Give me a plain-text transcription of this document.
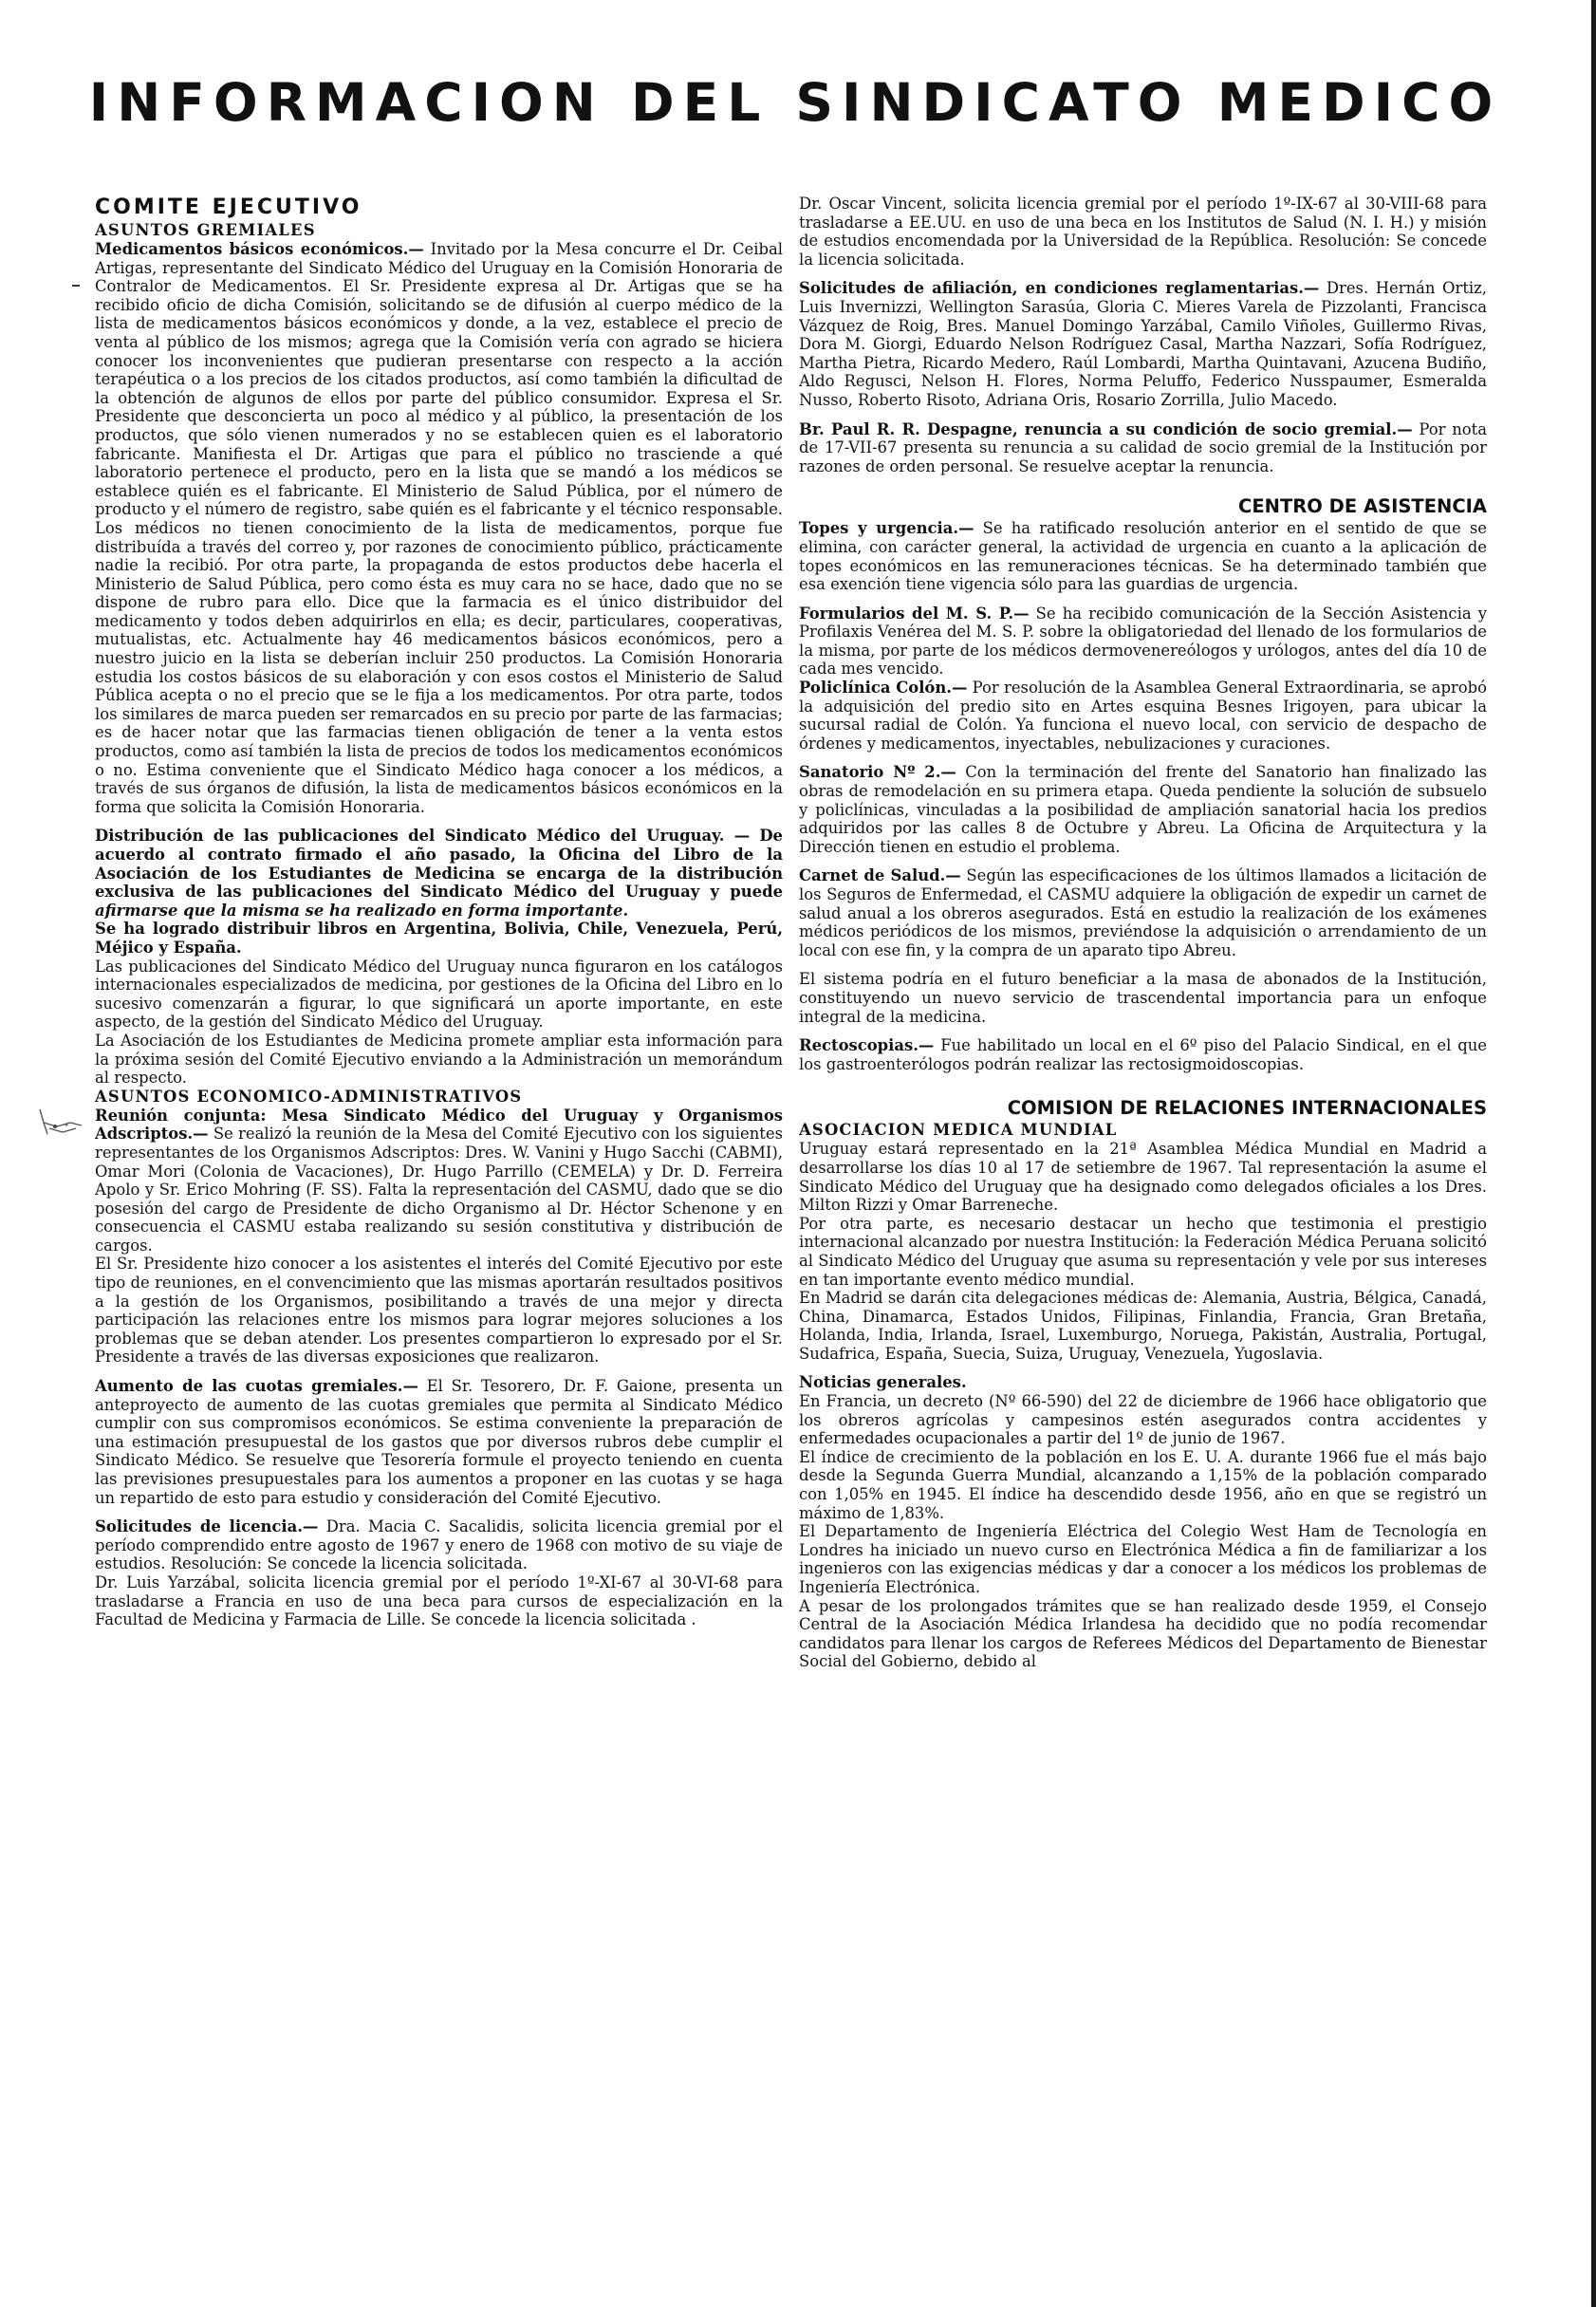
INFORMACION DEL SINDICATO MEDICO
COMITE EJECUTIVO
ASUNTOS GREMIALES

Medicamentos básicos económicos.— Invitado por la Mesa concurre el Dr. Ceibal Artigas, representante del Sindicato Médico del Uruguay en la Comisión Honoraria de Contralor de Medicamentos. El Sr. Presidente expresa al Dr. Artigas que se ha recibido oficio de dicha Comisión, solicitando se de difusión al cuerpo médico de la lista de medicamentos básicos económicos y donde, a la vez, establece el precio de venta al público de los mismos; agrega que la Comisión vería con agrado se hiciera conocer los inconvenientes que pudieran presentarse con respecto a la acción terapéutica o a los precios de los citados productos, así como también la dificultad de la obtención de algunos de ellos por parte del público consumidor. Expresa el Sr. Presidente que desconcierta un poco al médico y al público, la presentación de los productos, que sólo vienen numerados y no se establecen quien es el laboratorio fabricante. Manifiesta el Dr. Artigas que para el público no trasciende a qué laboratorio pertenece el producto, pero en la lista que se mandó a los médicos se establece quién es el fabricante. El Ministerio de Salud Pública, por el número de producto y el número de registro, sabe quién es el fabricante y el técnico responsable. Los médicos no tienen conocimiento de la lista de medicamentos, porque fue distribuída a través del correo y, por razones de conocimiento público, prácticamente nadie la recibió. Por otra parte, la propaganda de estos productos debe hacerla el Ministerio de Salud Pública, pero como ésta es muy cara no se hace, dado que no se dispone de rubro para ello. Dice que la farmacia es el único distribuidor del medicamento y todos deben adquirirlos en ella; es decir, particulares, cooperativas, mutualistas, etc. Actualmente hay 46 medicamentos básicos económicos, pero a nuestro juicio en la lista se deberían incluir 250 productos. La Comisión Honoraria estudia los costos básicos de su elaboración y con esos costos el Ministerio de Salud Pública acepta o no el precio que se le fija a los medicamentos. Por otra parte, todos los similares de marca pueden ser remarcados en su precio por parte de las farmacias; es de hacer notar que las farmacias tienen obligación de tener a la venta estos productos, como así también la lista de precios de todos los medicamentos económicos o no. Estima conveniente que el Sindicato Médico haga conocer a los médicos, a través de sus órganos de difusión, la lista de medicamentos básicos económicos en la forma que solicita la Comisión Honoraria.

Distribución de las publicaciones del Sindicato Médico del Uruguay. — De acuerdo al contrato firmado el año pasado, la Oficina del Libro de la Asociación de los Estudiantes de Medicina se encarga de la distribución exclusiva de las publicaciones del Sindicato Médico del Uruguay y puede afirmarse que la misma se ha realizado en forma importante.

Se ha logrado distribuir libros en Argentina, Bolivia, Chile, Venezuela, Perú, Méjico y España.

Las publicaciones del Sindicato Médico del Uruguay nunca figuraron en los catálogos internacionales especializados de medicina, por gestiones de la Oficina del Libro en lo sucesivo comenzarán a figurar, lo que significará un aporte importante, en este aspecto, de la gestión del Sindicato Médico del Uruguay.

La Asociación de los Estudiantes de Medicina promete ampliar esta información para la próxima sesión del Comité Ejecutivo enviando a la Administración un memorándum al respecto.

ASUNTOS ECONOMICO-ADMINISTRATIVOS

Reunión conjunta: Mesa Sindicato Médico del Uruguay y Organismos Adscriptos.— Se realizó la reunión de la Mesa del Comité Ejecutivo con los siguientes representantes de los Organismos Adscriptos: Dres. W. Vanini y Hugo Sacchi (CABMI), Omar Mori (Colonia de Vacaciones), Dr. Hugo Parrillo (CEMELA) y Dr. D. Ferreira Apolo y Sr. Erico Mohring (F. SS). Falta la representación del CASMU, dado que se dio posesión del cargo de Presidente de dicho Organismo al Dr. Héctor Schenone y en consecuencia el CASMU estaba realizando su sesión constitutiva y distribución de cargos.

El Sr. Presidente hizo conocer a los asistentes el interés del Comité Ejecutivo por este tipo de reuniones, en el convencimiento que las mismas aportarán resultados positivos a la gestión de los Organismos, posibilitando a través de una mejor y directa participación las relaciones entre los mismos para lograr mejores soluciones a los problemas que se deban atender. Los presentes compartieron lo expresado por el Sr. Presidente a través de las diversas exposiciones que realizaron.

Aumento de las cuotas gremiales.— El Sr. Tesorero, Dr. F. Gaione, presenta un anteproyecto de aumento de las cuotas gremiales que permita al Sindicato Médico cumplir con sus compromisos económicos. Se estima conveniente la preparación de una estimación presupuestal de los gastos que por diversos rubros debe cumplir el Sindicato Médico. Se resuelve que Tesorería formule el proyecto teniendo en cuenta las previsiones presupuestales para los aumentos a proponer en las cuotas y se haga un repartido de esto para estudio y consideración del Comité Ejecutivo.

Solicitudes de licencia.— Dra. Macia C. Sacalidis, solicita licencia gremial por el período comprendido entre agosto de 1967 y enero de 1968 con motivo de su viaje de estudios. Resolución: Se concede la licencia solicitada.

Dr. Luis Yarzábal, solicita licencia gremial por el período 1º-XI-67 al 30-VI-68 para trasladarse a Francia en uso de una beca para cursos de especialización en la Facultad de Medicina y Farmacia de Lille. Se concede la licencia solicitada .

Dr. Oscar Vincent, solicita licencia gremial por el período 1º-IX-67 al 30-VIII-68 para trasladarse a EE.UU. en uso de una beca en los Institutos de Salud (N. I. H.) y misión de estudios encomendada por la Universidad de la República. Resolución: Se concede la licencia solicitada.

Solicitudes de afiliación, en condiciones reglamentarias.— Dres. Hernán Ortiz, Luis Invernizzi, Wellington Sarasúa, Gloria C. Mieres Varela de Pizzolanti, Francisca Vázquez de Roig, Bres. Manuel Domingo Yarzábal, Camilo Viñoles, Guillermo Rivas, Dora M. Giorgi, Eduardo Nelson Rodríguez Casal, Martha Nazzari, Sofía Rodríguez, Martha Pietra, Ricardo Medero, Raúl Lombardi, Martha Quintavani, Azucena Budiño, Aldo Regusci, Nelson H. Flores, Norma Peluffo, Federico Nusspaumer, Esmeralda Nusso, Roberto Risoto, Adriana Oris, Rosario Zorrilla, Julio Macedo.

Br. Paul R. R. Despagne, renuncia a su condición de socio gremial.— Por nota de 17-VII-67 presenta su renuncia a su calidad de socio gremial de la Institución por razones de orden personal. Se resuelve aceptar la renuncia.

CENTRO DE ASISTENCIA

Topes y urgencia.— Se ha ratificado resolución anterior en el sentido de que se elimina, con carácter general, la actividad de urgencia en cuanto a la aplicación de topes económicos en las remuneraciones técnicas. Se ha determinado también que esa exención tiene vigencia sólo para las guardias de urgencia.

Formularios del M. S. P.— Se ha recibido comunicación de la Sección Asistencia y Profilaxis Venérea del M. S. P. sobre la obligatoriedad del llenado de los formularios de la misma, por parte de los médicos dermovenereólogos y urólogos, antes del día 10 de cada mes vencido.

Policlínica Colón.— Por resolución de la Asamblea General Extraordinaria, se aprobó la adquisición del predio sito en Artes esquina Besnes Irigoyen, para ubicar la sucursal radial de Colón. Ya funciona el nuevo local, con servicio de despacho de órdenes y medicamentos, inyectables, nebulizaciones y curaciones.

Sanatorio Nº 2.— Con la terminación del frente del Sanatorio han finalizado las obras de remodelación en su primera etapa. Queda pendiente la solución de subsuelo y policlínicas, vinculadas a la posibilidad de ampliación sanatorial hacia los predios adquiridos por las calles 8 de Octubre y Abreu. La Oficina de Arquitectura y la Dirección tienen en estudio el problema.

Carnet de Salud.— Según las especificaciones de los últimos llamados a licitación de los Seguros de Enfermedad, el CASMU adquiere la obligación de expedir un carnet de salud anual a los obreros asegurados. Está en estudio la realización de los exámenes médicos periódicos de los mismos, previéndose la adquisición o arrendamiento de un local con ese fin, y la compra de un aparato tipo Abreu.

El sistema podría en el futuro beneficiar a la masa de abonados de la Institución, constituyendo un nuevo servicio de trascendental importancia para un enfoque integral de la medicina.

Rectoscopias.— Fue habilitado un local en el 6º piso del Palacio Sindical, en el que los gastroenterólogos podrán realizar las rectosigmoidoscopias.

COMISION DE RELACIONES INTERNACIONALES
ASOCIACION MEDICA MUNDIAL

Uruguay estará representado en la 21ª Asamblea Médica Mundial en Madrid a desarrollarse los días 10 al 17 de setiembre de 1967. Tal representación la asume el Sindicato Médico del Uruguay que ha designado como delegados oficiales a los Dres. Milton Rizzi y Omar Barreneche.

Por otra parte, es necesario destacar un hecho que testimonia el prestigio internacional alcanzado por nuestra Institución: la Federación Médica Peruana solicitó al Sindicato Médico del Uruguay que asuma su representación y vele por sus intereses en tan importante evento médico mundial.

En Madrid se darán cita delegaciones médicas de: Alemania, Austria, Bélgica, Canadá, China, Dinamarca, Estados Unidos, Filipinas, Finlandia, Francia, Gran Bretaña, Holanda, India, Irlanda, Israel, Luxemburgo, Noruega, Pakistán, Australia, Portugal, Sudafrica, España, Suecia, Suiza, Uruguay, Venezuela, Yugoslavia.

Noticias generales.

En Francia, un decreto (Nº 66-590) del 22 de diciembre de 1966 hace obligatorio que los obreros agrícolas y campesinos estén asegurados contra accidentes y enfermedades ocupacionales a partir del 1º de junio de 1967.

El índice de crecimiento de la población en los E. U. A. durante 1966 fue el más bajo desde la Segunda Guerra Mundial, alcanzando a 1,15% de la población comparado con 1,05% en 1945. El índice ha descendido desde 1956, año en que se registró un máximo de 1,83%.

El Departamento de Ingeniería Eléctrica del Colegio West Ham de Tecnología en Londres ha iniciado un nuevo curso en Electrónica Médica a fin de familiarizar a los ingenieros con las exigencias médicas y dar a conocer a los médicos los problemas de Ingeniería Electrónica.

A pesar de los prolongados trámites que se han realizado desde 1959, el Consejo Central de la Asociación Médica Irlandesa ha decidido que no podía recomendar candidatos para llenar los cargos de Referees Médicos del Departamento de Bienestar Social del Gobierno, debido al
